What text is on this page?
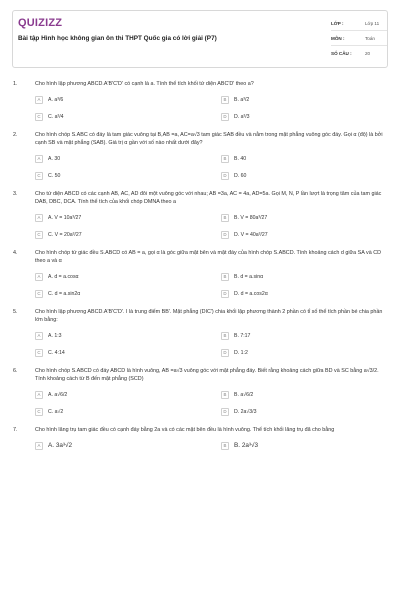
QUIZIZZ
Bài tập Hình học không gian ôn thi THPT Quốc gia có lời giải (P7)
LỚP :	Lớp 11
MÔN :	Toán
SỐ CÂU :	20
1.	Cho hình lập phương ABCD.A'B'C'D' có cạnh là a. Tính thể tích khối tứ diện ABC'D' theo a?
A	A. a³/6	B	B. a³/2
C	C. a³/4	D	D. a³/3
2.	Cho hình chóp S.ABC có đáy là tam giác vuông tại B,AB =a, AC=a√3 tam giác SAB đều và nằm trong mặt phẳng vuông góc đáy. Gọi α (độ) là bởi cạnh SB và mặt phẳng (SAB). Giá trị α gần với số nào nhất dưới đây?
A	A. 30	B	B. 40
C	C. 50	D	D. 60
3.	Cho tứ diện ABCD có các cạnh AB, AC, AD đôi một vuông góc với nhau; AB =3a, AC = 4a, AD=5a. Gọi M, N, P lần lượt là trọng tâm của tam giác DAB, DBC, DCA. Tính thể tích của khối chóp DMNA theo a
A	A. V = 10a³/27	B	B. V = 80a³/27
C	C. V = 20a³/27	D	D. V = 40a³/27
4.	Cho hình chóp tứ giác đều S.ABCD có AB = a, gọi α là góc giữa mặt bên và mặt đáy của hình chóp S.ABCD. Tính khoảng cách d giữa SA và CD theo a và α
A	A. d = a.cosα	B	B. d = a.sinα
C	C. d = a.sin2α	D	D. d = a.cos2α
5.	Cho hình lập phương ABCD.A'B'C'D'. I là trung điểm BB'. Mặt phẳng (DIC') chia khối lập phương thành 2 phần có tỉ số thể tích phần bé chia phần lớn bằng:
A	A. 1:3	B	B. 7:17
C	C. 4:14	D	D. 1:2
6.	Cho hình chóp S.ABCD có đáy ABCD là hình vuông, AB =a√3 vuông góc với mặt phẳng đáy. Biết rằng khoảng cách giữa BD và SC bằng a√3/2. Tính khoảng cách từ B đến mặt phẳng (SCD)
A	A. a√6/2	B	B. a√6/2
C	C. a√2	D	D. 2a√3/3
7.	Cho hình lăng trụ tam giác đều có cạnh đáy bằng 2a và có các mặt bên đều là hình vuông. Thể tích khối lăng trụ đã cho bằng
A	A. 3a³√2	B	B. 2a³√3
